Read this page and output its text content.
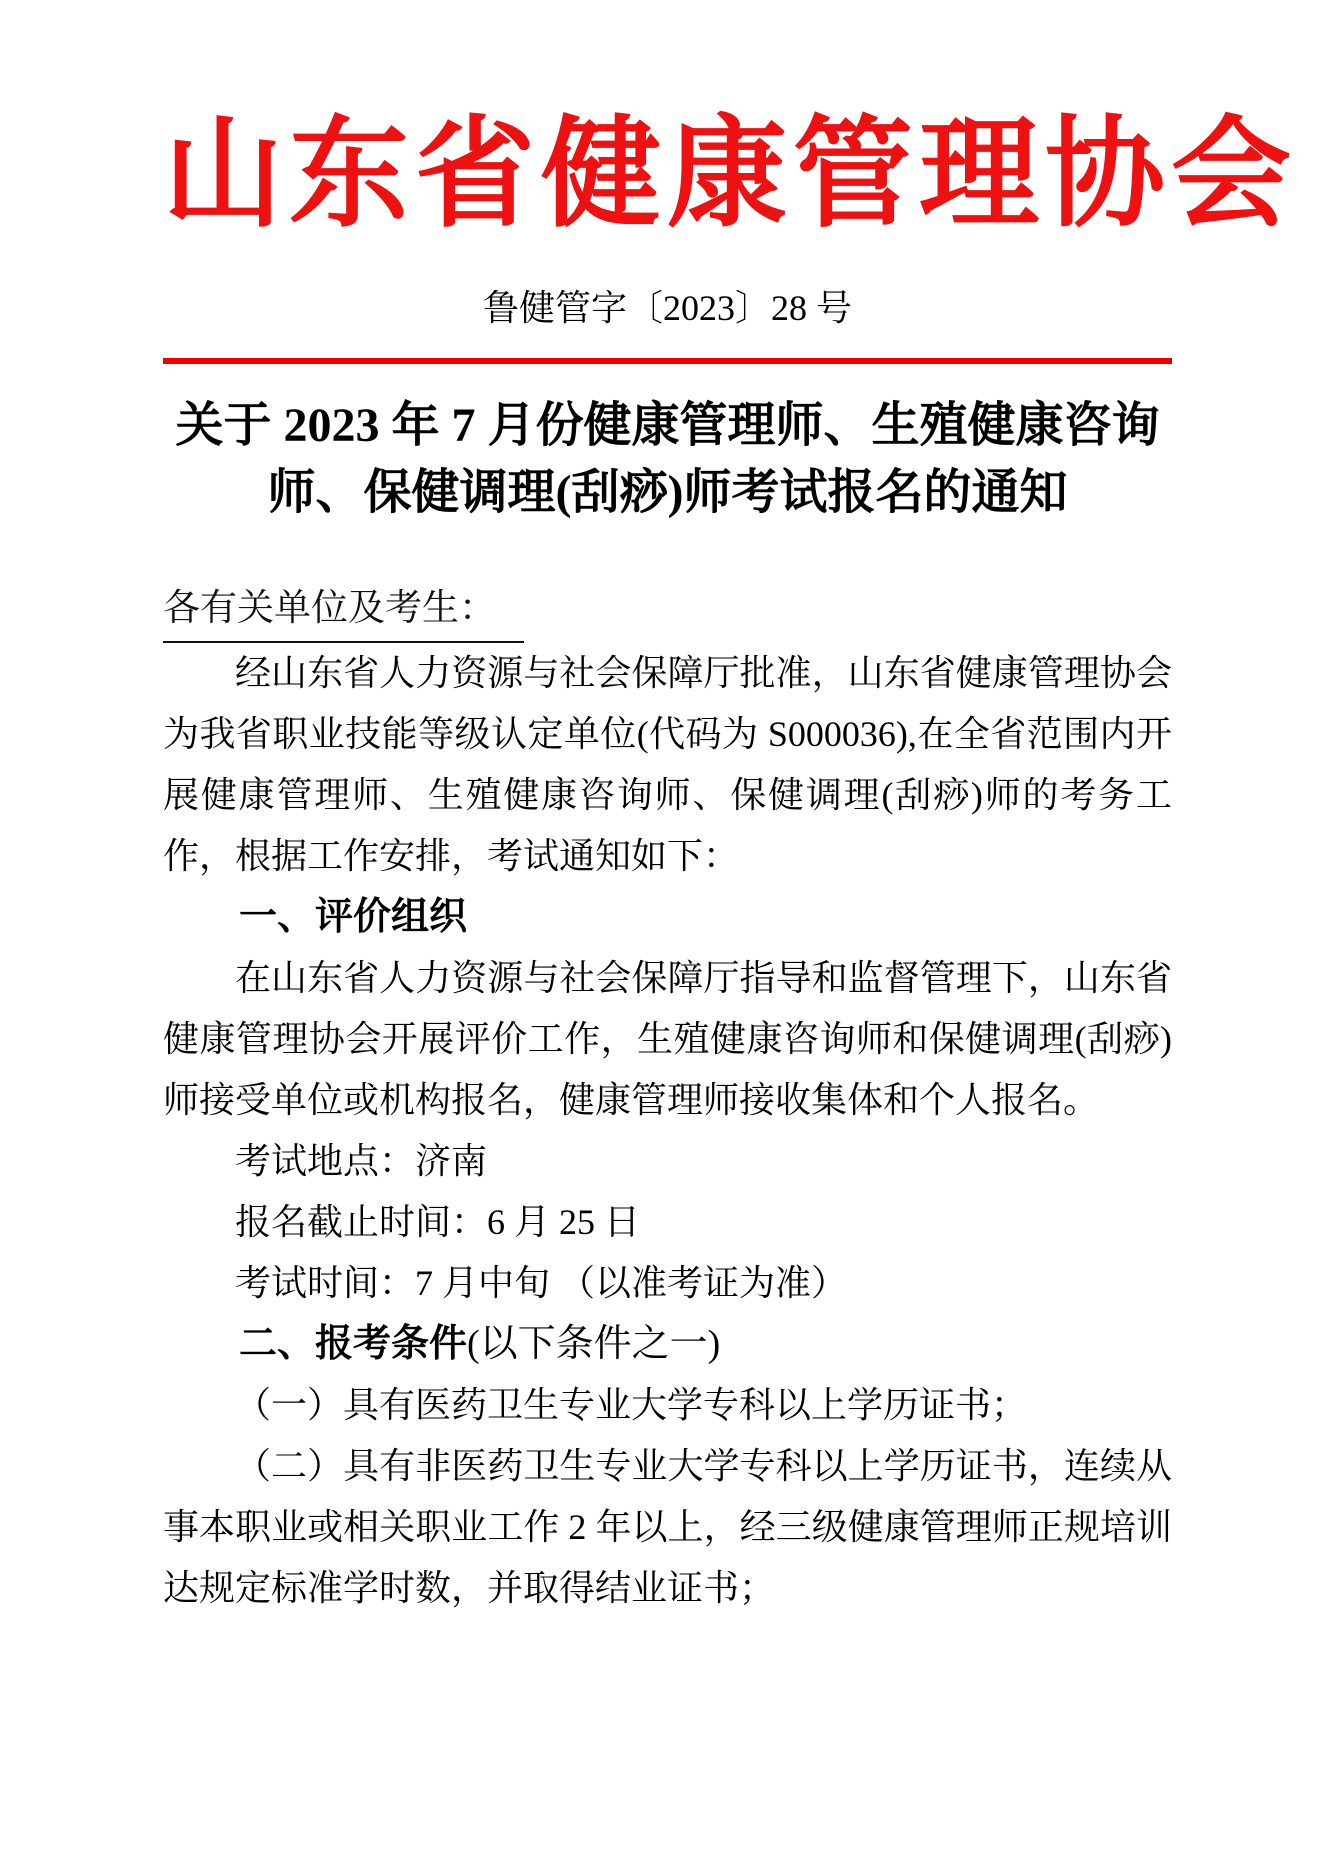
山东省健康管理协会
鲁健管字〔2023〕28 号
关于 2023 年 7 月份健康管理师、生殖健康咨询
师、保健调理(刮痧)师考试报名的通知
各有关单位及考生：

经山东省人力资源与社会保障厅批准，山东省健康管理协会为我省职业技能等级认定单位(代码为 S000036),在全省范围内开展健康管理师、生殖健康咨询师、保健调理(刮痧)师的考务工作，根据工作安排，考试通知如下：

一、评价组织

在山东省人力资源与社会保障厅指导和监督管理下，山东省健康管理协会开展评价工作，生殖健康咨询师和保健调理(刮痧)师接受单位或机构报名，健康管理师接收集体和个人报名。

考试地点：济南

报名截止时间：6 月 25 日

考试时间：7 月中旬 （以准考证为准）

二、报考条件(以下条件之一)

（一）具有医药卫生专业大学专科以上学历证书；

（二）具有非医药卫生专业大学专科以上学历证书，连续从事本职业或相关职业工作 2 年以上，经三级健康管理师正规培训达规定标准学时数，并取得结业证书；
